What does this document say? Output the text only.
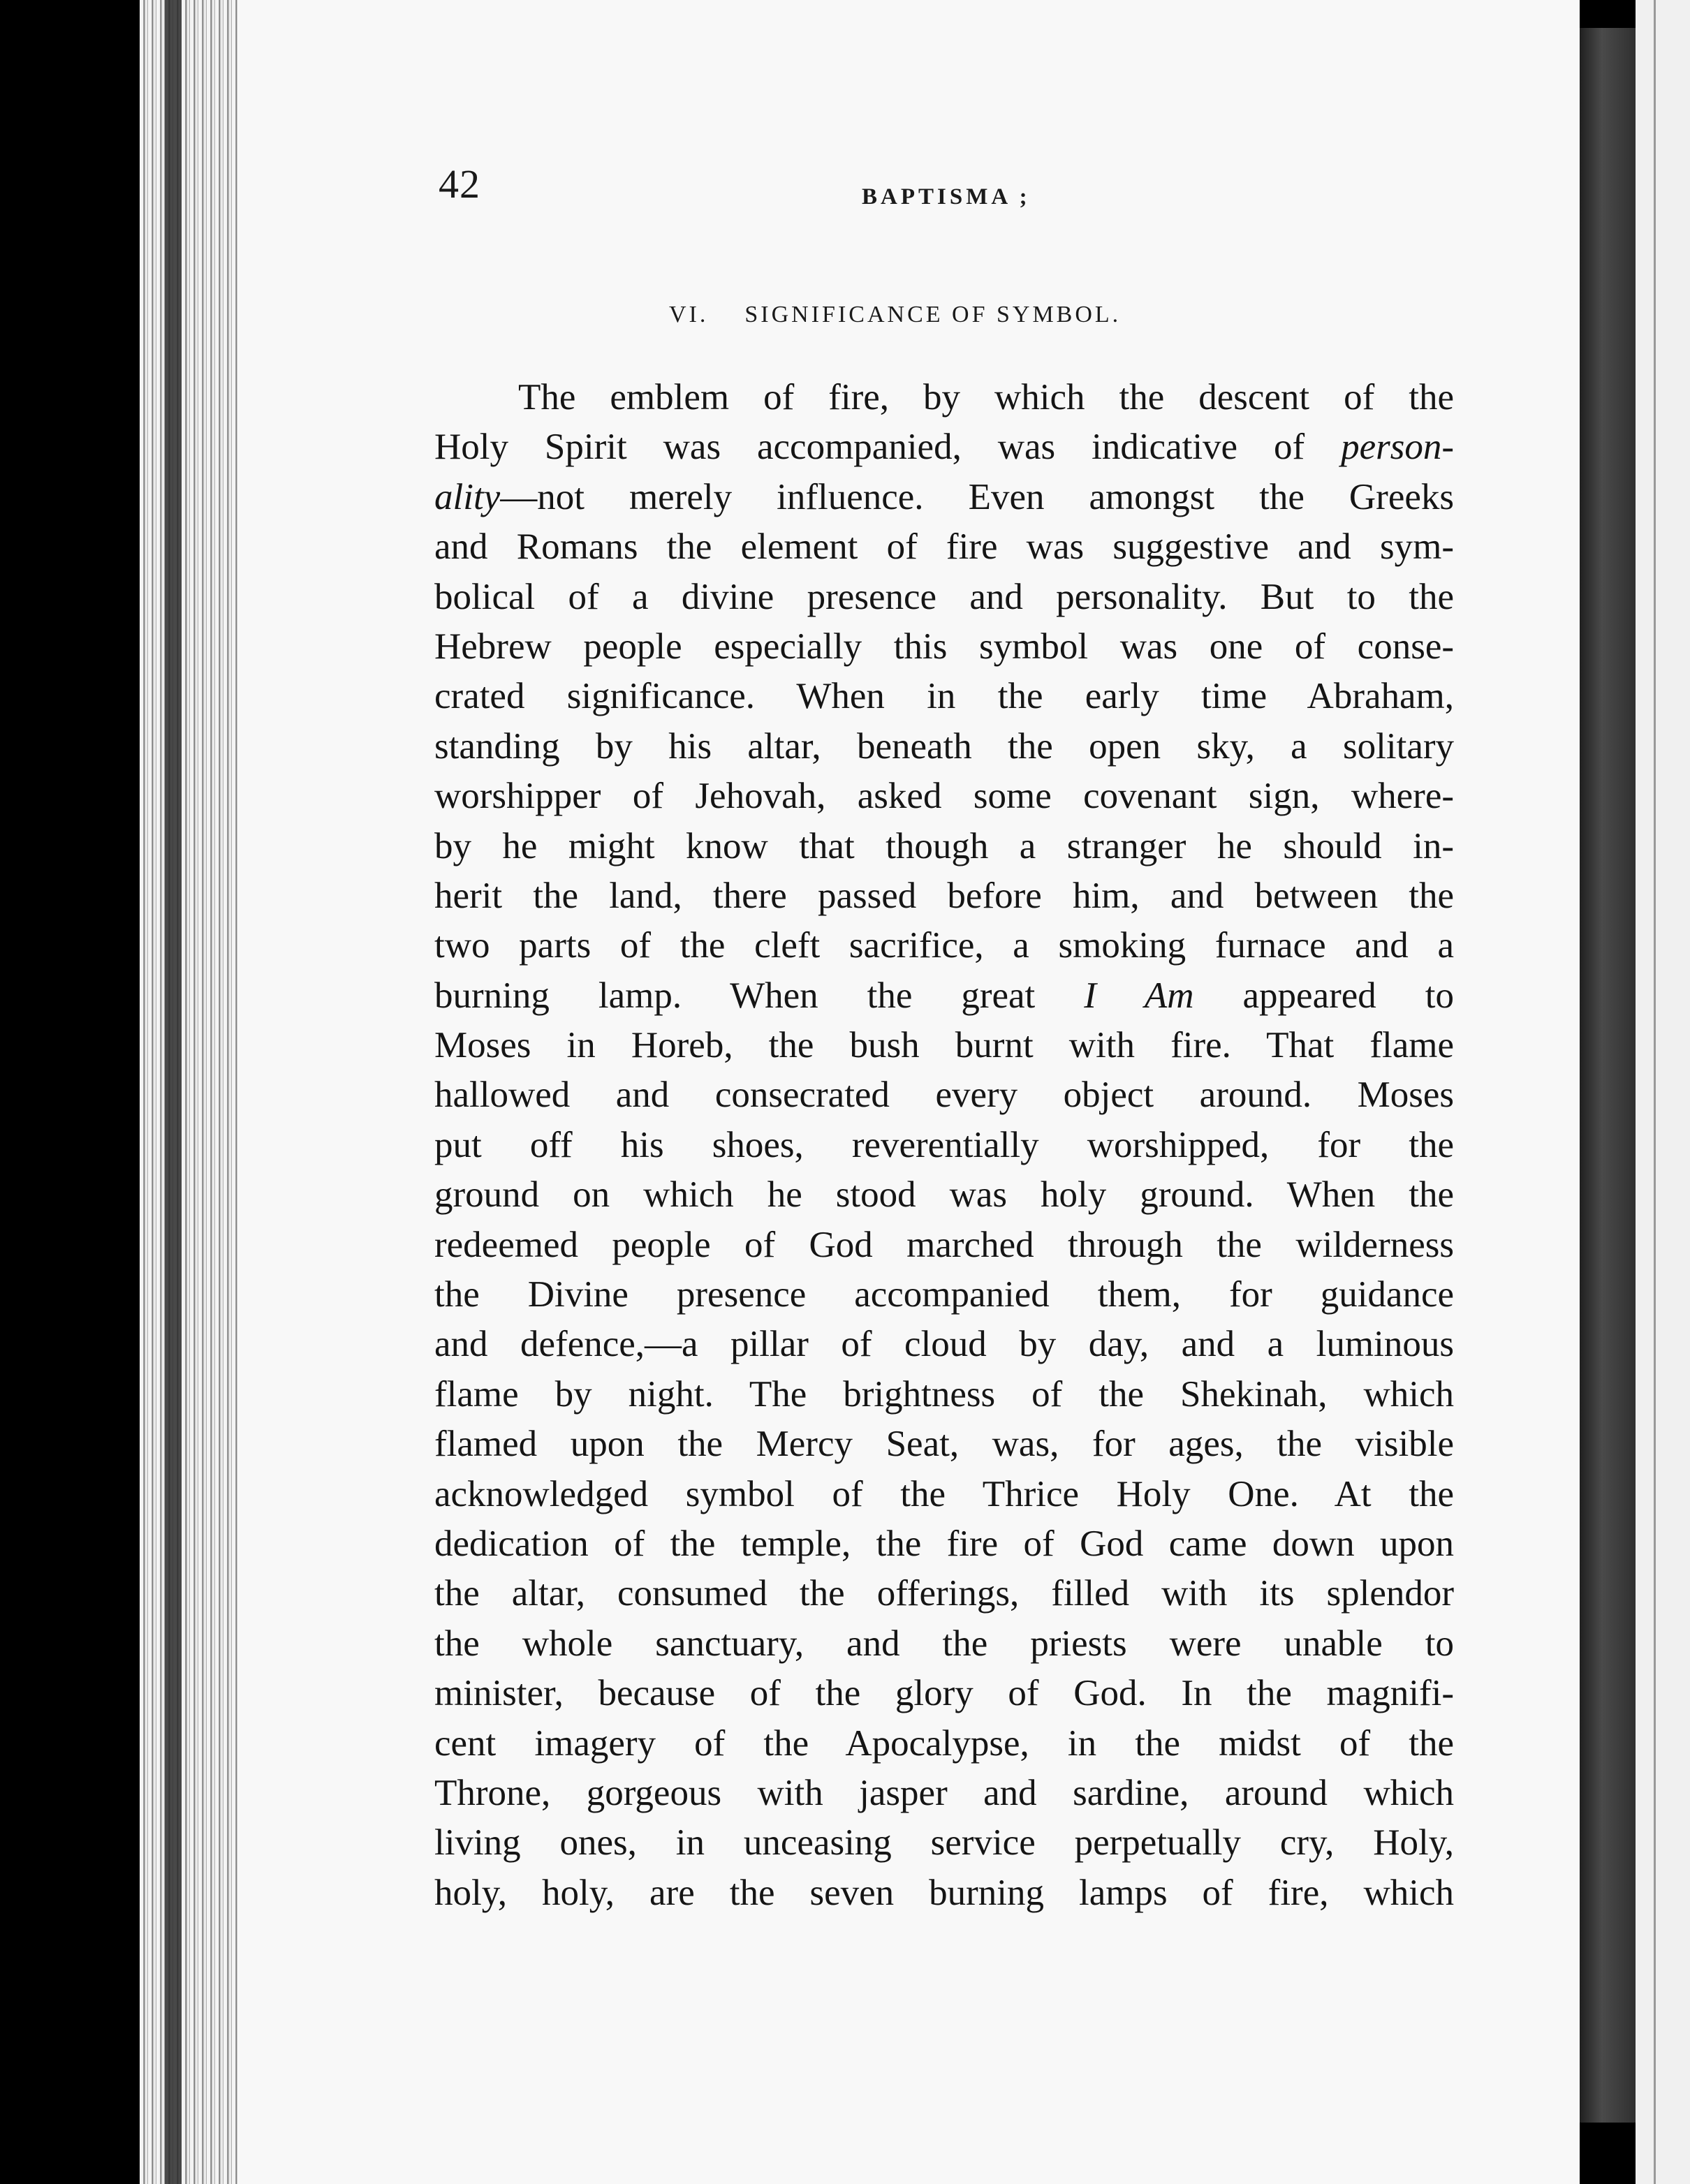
42	BAPTISMA ;
VI. SIGNIFICANCE OF SYMBOL.
The emblem of fire, by which the descent of the
Holy Spirit was accompanied, was indicative of person-
ality—not merely influence. Even amongst the Greeks
and Romans the element of fire was suggestive and sym-
bolical of a divine presence and personality. But to the
Hebrew people especially this symbol was one of conse-
crated significance. When in the early time Abraham,
standing by his altar, beneath the open sky, a solitary
worshipper of Jehovah, asked some covenant sign, where-
by he might know that though a stranger he should in-
herit the land, there passed before him, and between the
two parts of the cleft sacrifice, a smoking furnace and a
burning lamp. When the great I Am appeared to
Moses in Horeb, the bush burnt with fire. That flame
hallowed and consecrated every object around. Moses
put off his shoes, reverentially worshipped, for the
ground on which he stood was holy ground. When the
redeemed people of God marched through the wilderness
the Divine presence accompanied them, for guidance
and defence,—a pillar of cloud by day, and a luminous
flame by night. The brightness of the Shekinah, which
flamed upon the Mercy Seat, was, for ages, the visible
acknowledged symbol of the Thrice Holy One. At the
dedication of the temple, the fire of God came down upon
the altar, consumed the offerings, filled with its splendor
the whole sanctuary, and the priests were unable to
minister, because of the glory of God. In the magnifi-
cent imagery of the Apocalypse, in the midst of the
Throne, gorgeous with jasper and sardine, around which
living ones, in unceasing service perpetually cry, Holy,
holy, holy, are the seven burning lamps of fire, which
